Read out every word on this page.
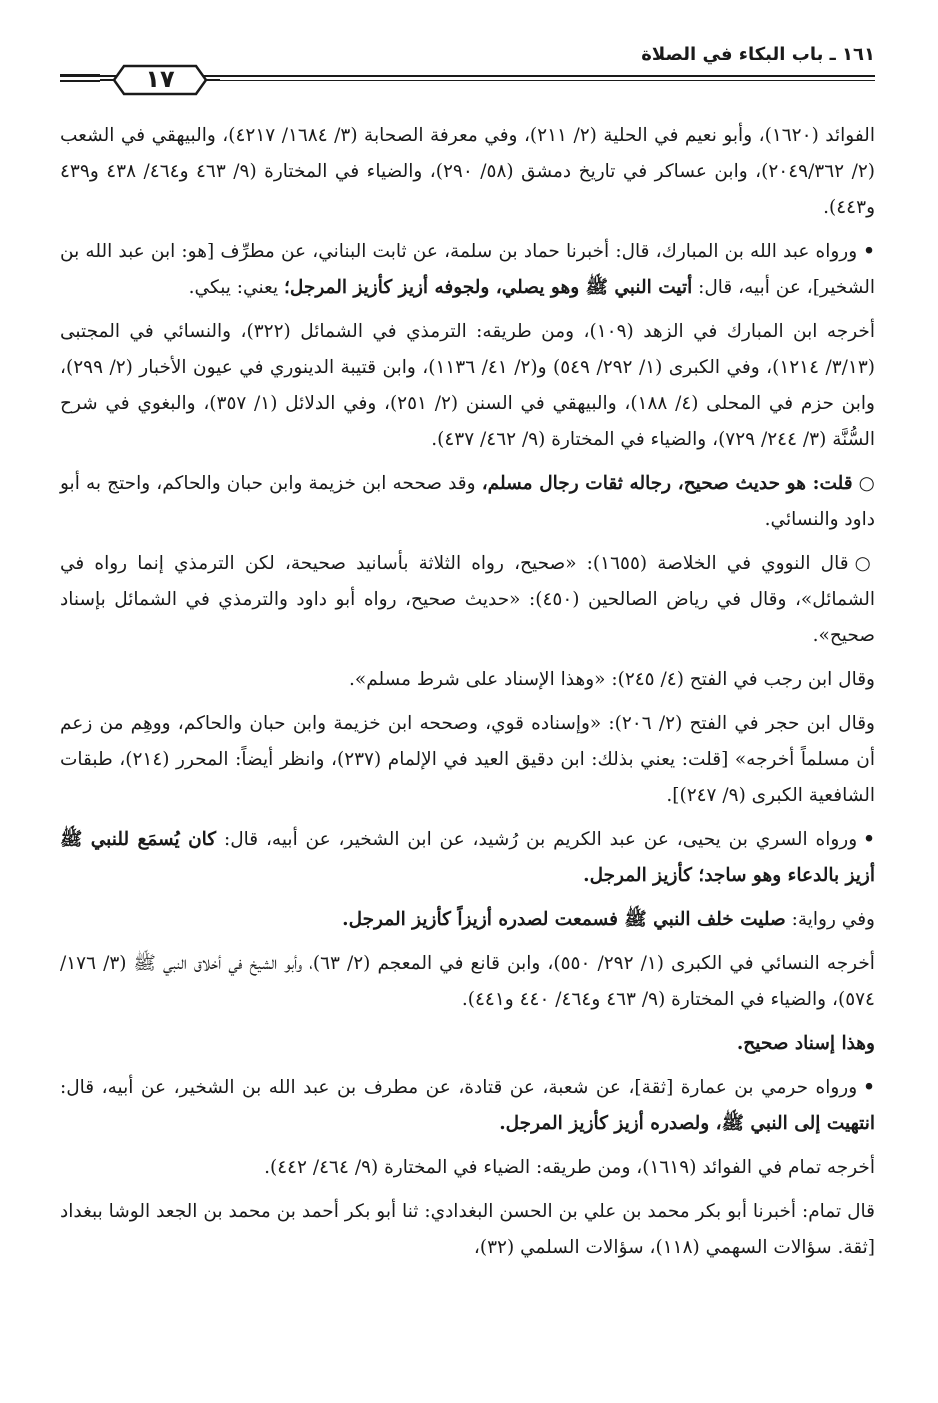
١٦١ ـ باب البكاء في الصلاة
١٧

الفوائد (١٦٢٠)، وأبو نعيم في الحلية (٢/ ٢١١)، وفي معرفة الصحابة (٣/ ١٦٨٤/ ٤٢١٧)، والبيهقي في الشعب (٢/ ٢٠٤٩/٣٦٢)، وابن عساكر في تاريخ دمشق (٥٨/ ٢٩٠)، والضياء في المختارة (٩/ ٤٦٣ و٤٦٤/ ٤٣٨ و٤٣٩ و٤٤٣).

•ورواه عبد الله بن المبارك، قال: أخبرنا حماد بن سلمة، عن ثابت البناني، عن مطرِّف [هو: ابن عبد الله بن الشخير]، عن أبيه، قال: أتيت النبي ﷺ وهو يصلي، ولجوفه أزيز كأزيز المرجل؛ يعني: يبكي.

أخرجه ابن المبارك في الزهد (١٠٩)، ومن طريقه: الترمذي في الشمائل (٣٢٢)، والنسائي في المجتبى (٣/١٣/ ١٢١٤)، وفي الكبرى (١/ ٢٩٢/ ٥٤٩) و(٢/ ٤١/ ١١٣٦)، وابن قتيبة الدينوري في عيون الأخبار (٢/ ٢٩٩)، وابن حزم في المحلى (٤/ ١٨٨)، والبيهقي في السنن (٢/ ٢٥١)، وفي الدلائل (١/ ٣٥٧)، والبغوي في شرح السُّنَّة (٣/ ٢٤٤/ ٧٢٩)، والضياء في المختارة (٩/ ٤٦٢/ ٤٣٧).

○قلت: هو حديث صحيح، رجاله ثقات رجال مسلم، وقد صححه ابن خزيمة وابن حبان والحاكم، واحتج به أبو داود والنسائي.

○قال النووي في الخلاصة (١٦٥٥): «صحيح، رواه الثلاثة بأسانيد صحيحة، لكن الترمذي إنما رواه في الشمائل»، وقال في رياض الصالحين (٤٥٠): «حديث صحيح، رواه أبو داود والترمذي في الشمائل بإسناد صحيح».

وقال ابن رجب في الفتح (٤/ ٢٤٥): «وهذا الإسناد على شرط مسلم».

وقال ابن حجر في الفتح (٢/ ٢٠٦): «وإسناده قوي، وصححه ابن خزيمة وابن حبان والحاكم، ووهِم من زعم أن مسلماً أخرجه» [قلت: يعني بذلك: ابن دقيق العيد في الإلمام (٢٣٧)، وانظر أيضاً: المحرر (٢١٤)، طبقات الشافعية الكبرى (٩/ ٢٤٧)].

•ورواه السري بن يحيى، عن عبد الكريم بن رُشيد، عن ابن الشخير، عن أبيه، قال: كان يُسمَع للنبي ﷺ أزيز بالدعاء وهو ساجد؛ كأزيز المرجل.

وفي رواية: صليت خلف النبي ﷺ فسمعت لصدره أزيزاً كأزيز المرجل.

أخرجه النسائي في الكبرى (١/ ٢٩٢/ ٥٥٠)، وابن قانع في المعجم (٢/ ٦٣)، وأبو الشيخ في أخلاق النبي ﷺ (٣/ ١٧٦/ ٥٧٤)، والضياء في المختارة (٩/ ٤٦٣ و٤٦٤/ ٤٤٠ و٤٤١).

وهذا إسناد صحيح.

•ورواه حرمي بن عمارة [ثقة]، عن شعبة، عن قتادة، عن مطرف بن عبد الله بن الشخير، عن أبيه، قال: انتهيت إلى النبي ﷺ، ولصدره أزيز كأزيز المرجل.

أخرجه تمام في الفوائد (١٦١٩)، ومن طريقه: الضياء في المختارة (٩/ ٤٦٤/ ٤٤٢).

قال تمام: أخبرنا أبو بكر محمد بن علي بن الحسن البغدادي: ثنا أبو بكر أحمد بن محمد بن الجعد الوشا ببغداد [ثقة. سؤالات السهمي (١١٨)، سؤالات السلمي (٣٢)،
